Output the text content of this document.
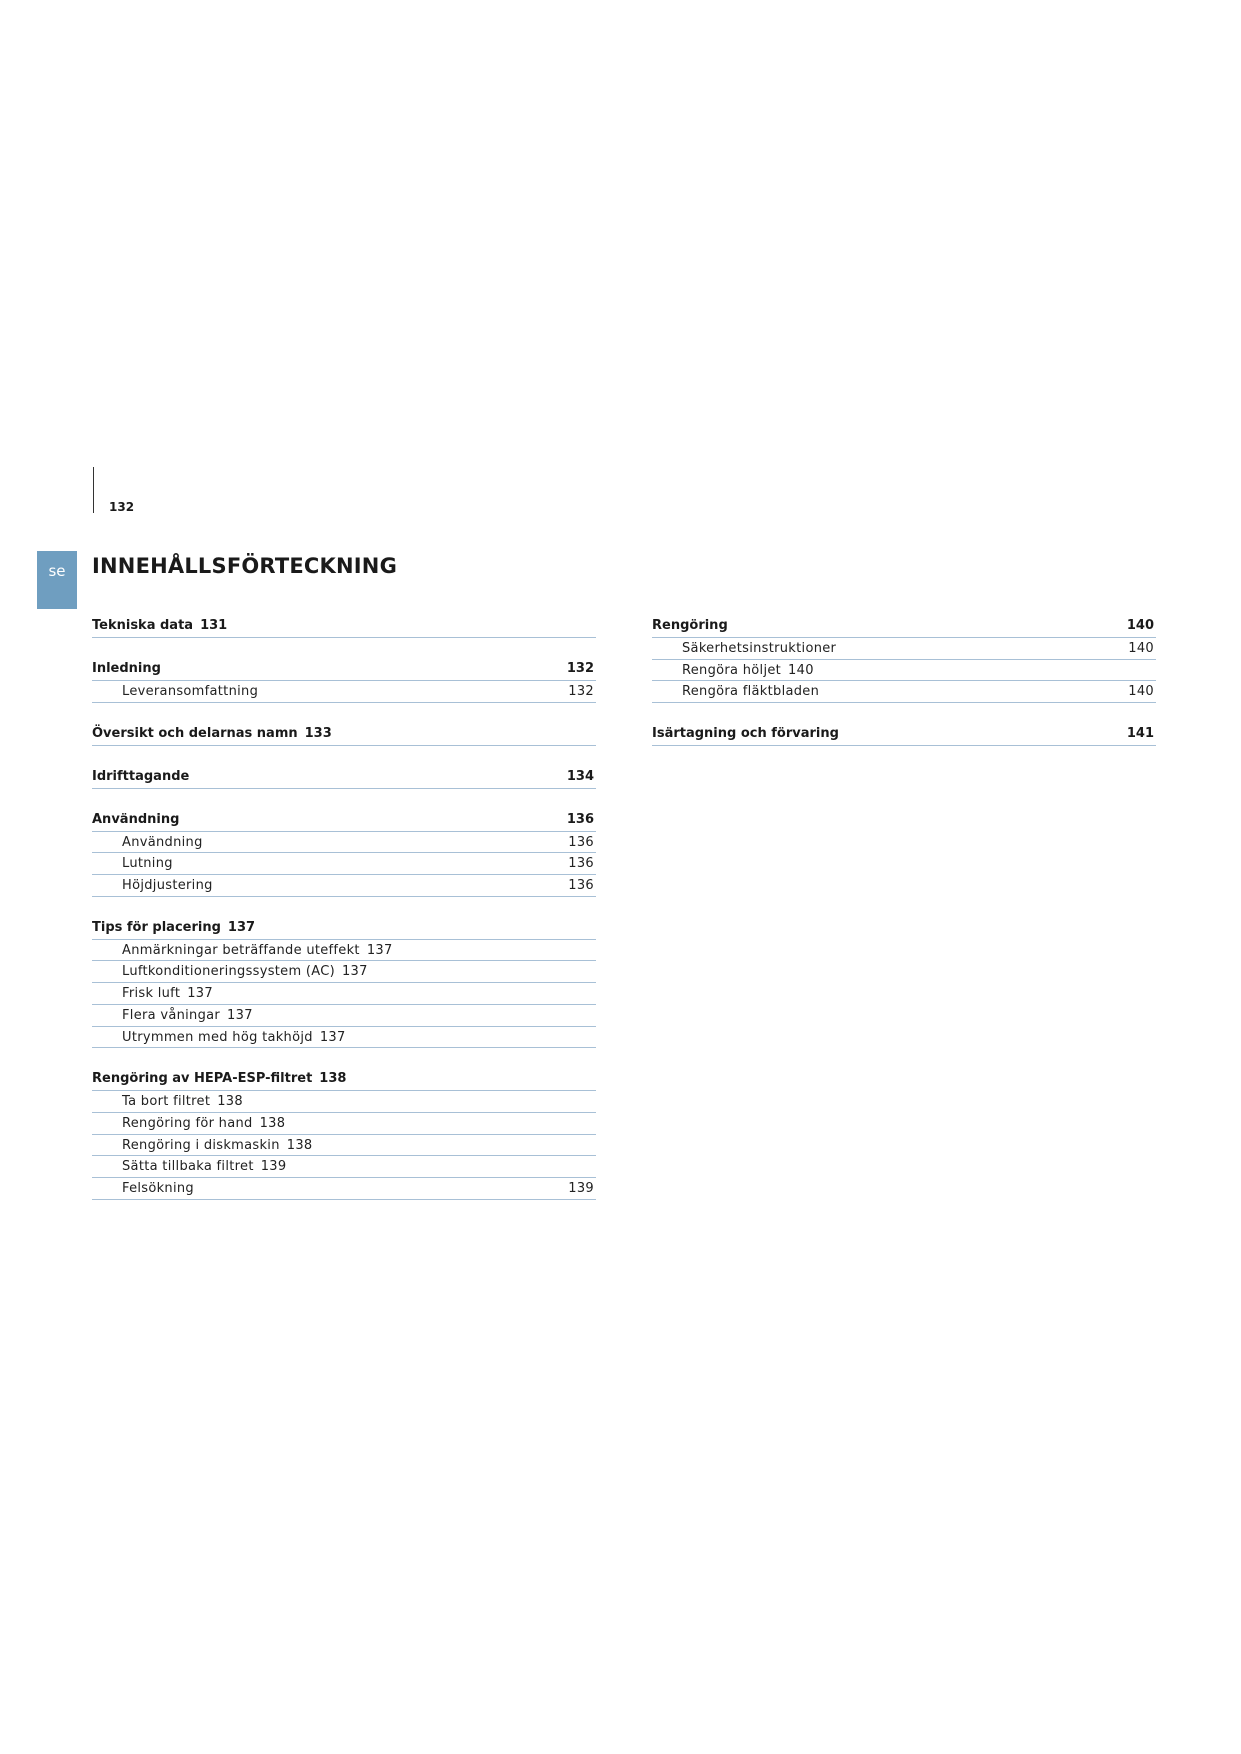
132
se	INNEHÅLLSFÖRTECKNING
Tekniska data 131
Inledning	132
Leveransomfattning	132
Översikt och delarnas namn 133
Idrifttagande	134
Användning	136
Användning	136
Lutning	136
Höjdjustering	136
Tips för placering 137
Anmärkningar beträffande uteffekt 137
Luftkonditioneringssystem (AC) 137
Frisk luft 137
Flera våningar 137
Utrymmen med hög takhöjd 137
Rengöring av HEPA-ESP-filtret 138
Ta bort filtret 138
Rengöring för hand 138
Rengöring i diskmaskin 138
Sätta tillbaka filtret 139
Felsökning	139
Rengöring	140
Säkerhetsinstruktioner	140
Rengöra höljet 140
Rengöra fläktbladen	140
Isärtagning och förvaring	141
